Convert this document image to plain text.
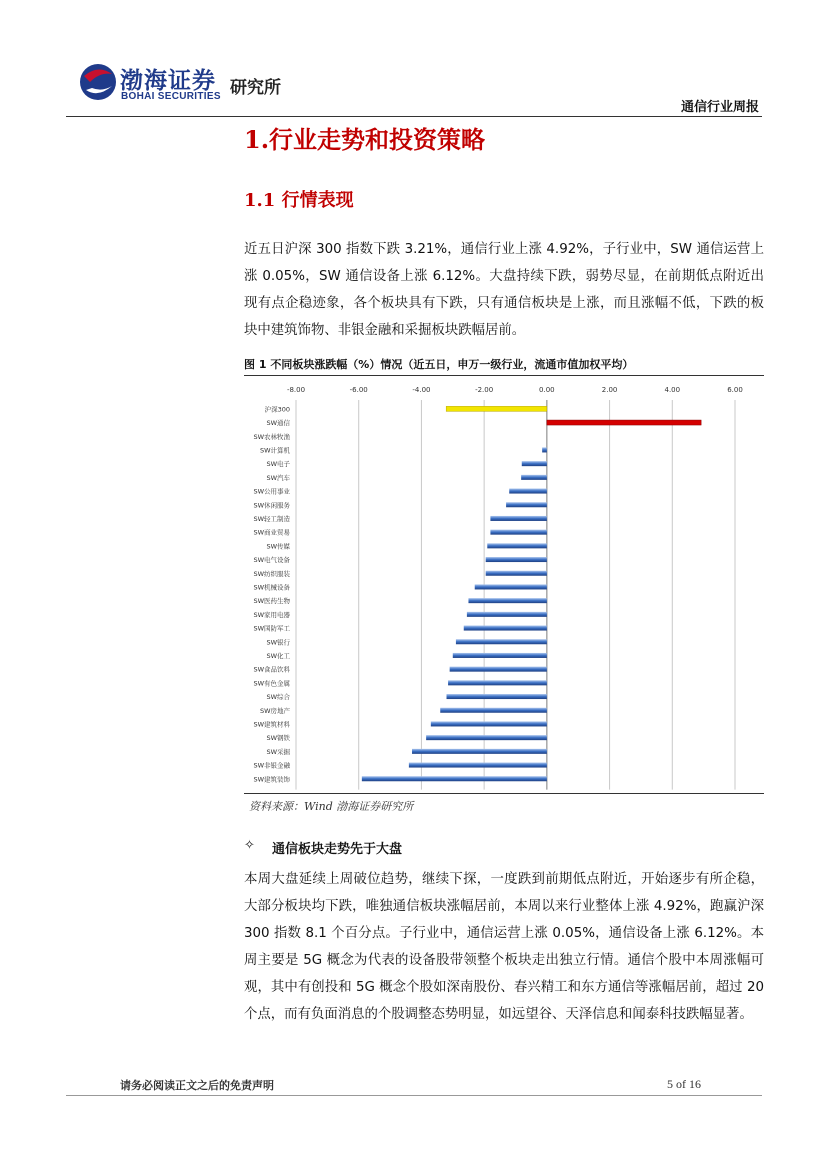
渤海证券
BOHAI SECURITIES 研究所
通信行业周报
1.行业走势和投资策略
1.1 行情表现
近五日沪深 300 指数下跌 3.21%，通信行业上涨 4.92%，子行业中，SW 通信运营上涨 0.05%，SW 通信设备上涨 6.12%。大盘持续下跌，弱势尽显，在前期低点附近出现有点企稳迹象，各个板块具有下跌，只有通信板块是上涨，而且涨幅不低，下跌的板块中建筑饰物、非银金融和采掘板块跌幅居前。
图 1 不同板块涨跌幅（%）情况（近五日，申万一级行业，流通市值加权平均）
-8.00	-6.00	-4.00	-2.00	0.00	2.00	4.00	6.00
沪深300
SW通信
SW农林牧渔
SW计算机
SW电子
SW汽车
SW公用事业
SW休闲服务
SW轻工制造
SW商业贸易
SW传媒
SW电气设备
SW纺织服装
SW机械设备
SW医药生物
SW家用电器
SW国防军工
SW银行
SW化工
SW食品饮料
SW有色金属
SW综合
SW房地产
SW建筑材料
SW钢铁
SW采掘
SW非银金融
SW建筑装饰
资料来源：Wind 渤海证券研究所
✧ 通信板块走势先于大盘
本周大盘延续上周破位趋势，继续下探，一度跌到前期低点附近，开始逐步有所企稳，大部分板块均下跌，唯独通信板块涨幅居前，本周以来行业整体上涨 4.92%，跑赢沪深 300 指数 8.1 个百分点。子行业中，通信运营上涨 0.05%，通信设备上涨 6.12%。本周主要是 5G 概念为代表的设备股带领整个板块走出独立行情。通信个股中本周涨幅可观，其中有创投和 5G 概念个股如深南股份、春兴精工和东方通信等涨幅居前，超过 20 个点，而有负面消息的个股调整态势明显，如远望谷、天泽信息和闻泰科技跌幅显著。
请务必阅读正文之后的免责声明	5 of 16
